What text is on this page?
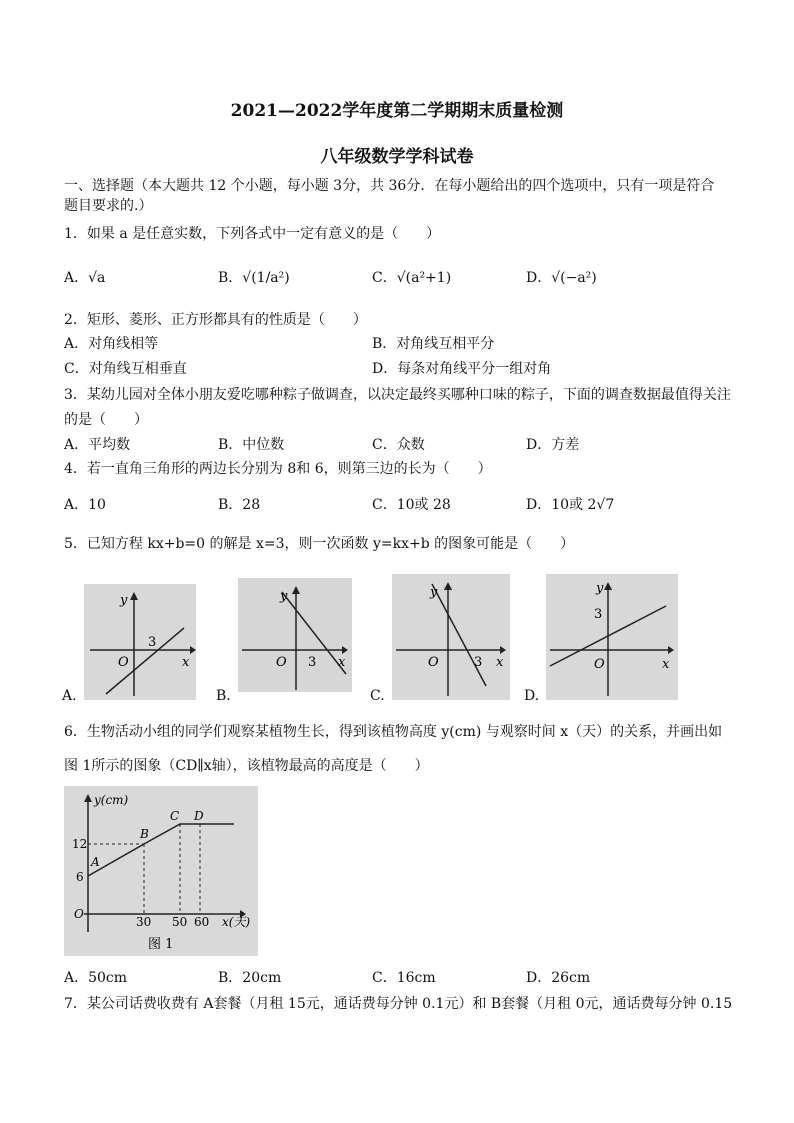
2021—2022学年度第二学期期末质量检测
八年级数学学科试卷
一、选择题（本大题共 12 个小题，每小题 3分，共 36分．在每小题给出的四个选项中，只有一项是符合题目要求的.）
1．如果 a 是任意实数，下列各式中一定有意义的是（　　）
A．√a	B．√(1/a²)	C．√(a²+1)	D．√(−a²)
2．矩形、菱形、正方形都具有的性质是（　　）
A．对角线相等	B．对角线互相平分
C．对角线互相垂直	D．每条对角线平分一组对角
3．某幼儿园对全体小朋友爱吃哪种粽子做调查，以决定最终买哪种口味的粽子，下面的调查数据最值得关注
的是（　　）
A．平均数	B．中位数	C．众数	D．方差
4．若一直角三角形的两边长分别为 8和 6，则第三边的长为（　　）
A．10	B．28	C．10或 28	D．10或 2√7
5．已知方程 kx+b=0 的解是 x=3，则一次函数 y=kx+b 的图象可能是（　　）
A.
y
x
O
3
B.
y
x
O 3
C.
y
x
O	3
D.
y
x
O
3
6．生物活动小组的同学们观察某植物生长，得到该植物高度 y(cm) 与观察时间 x（天）的关系，并画出如
图 1所示的图象（CD∥x轴），该植物最高的高度是（　　）
y(cm)
x(天)
12
6
30 50 60
O
A
B
C D
图 1
A．50cm	B．20cm	C．16cm	D．26cm
7．某公司话费收费有 A套餐（月租 15元，通话费每分钟 0.1元）和 B套餐（月租 0元，通话费每分钟 0.15
